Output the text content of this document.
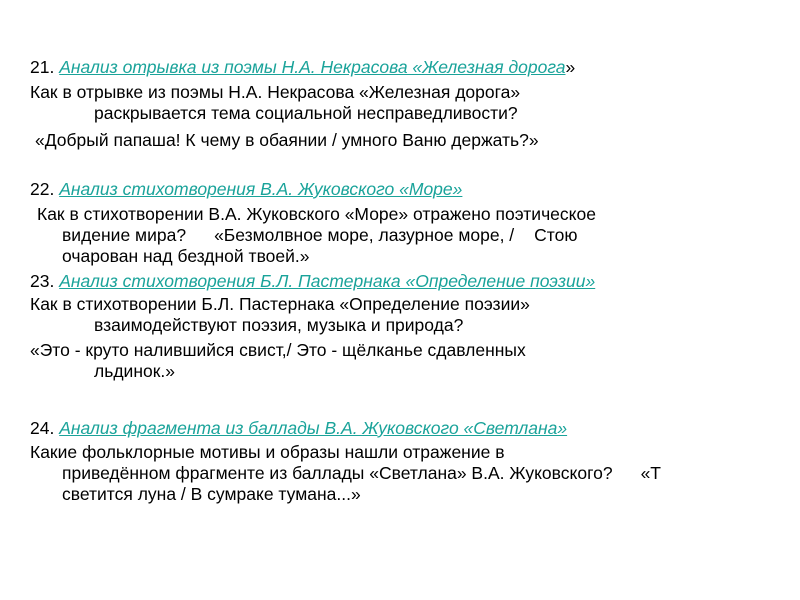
21. Анализ отрывка из поэмы Н.А. Некрасова «Железная дорога»

Как в отрывке из поэмы Н.А. Некрасова «Железная дорога»
раскрывается тема социальной несправедливости?

«Добрый папаша! К чему в обаянии / умного Ваню держать?»

22. Анализ стихотворения В.А. Жуковского «Море»

Как в стихотворении В.А. Жуковского «Море» отражено поэтическое

видение мира? «Безмолвное море, лазурное море, / Стою

очарован над бездной твоей.»

23. Анализ стихотворения Б.Л. Пастернака «Определение поэзии»

Как в стихотворении Б.Л. Пастернака «Определение поэзии»
взаимодействуют поэзия, музыка и природа?

«Это - круто налившийся свист,/ Это - щёлканье сдавленных
льдинок.»

24. Анализ фрагмента из баллады В.А. Жуковского «Светлана»

Какие фольклорные мотивы и образы нашли отражение в

приведённом фрагменте из баллады «Светлана» В.А. Жуковского? «Т

светится луна / В сумраке тумана...»
